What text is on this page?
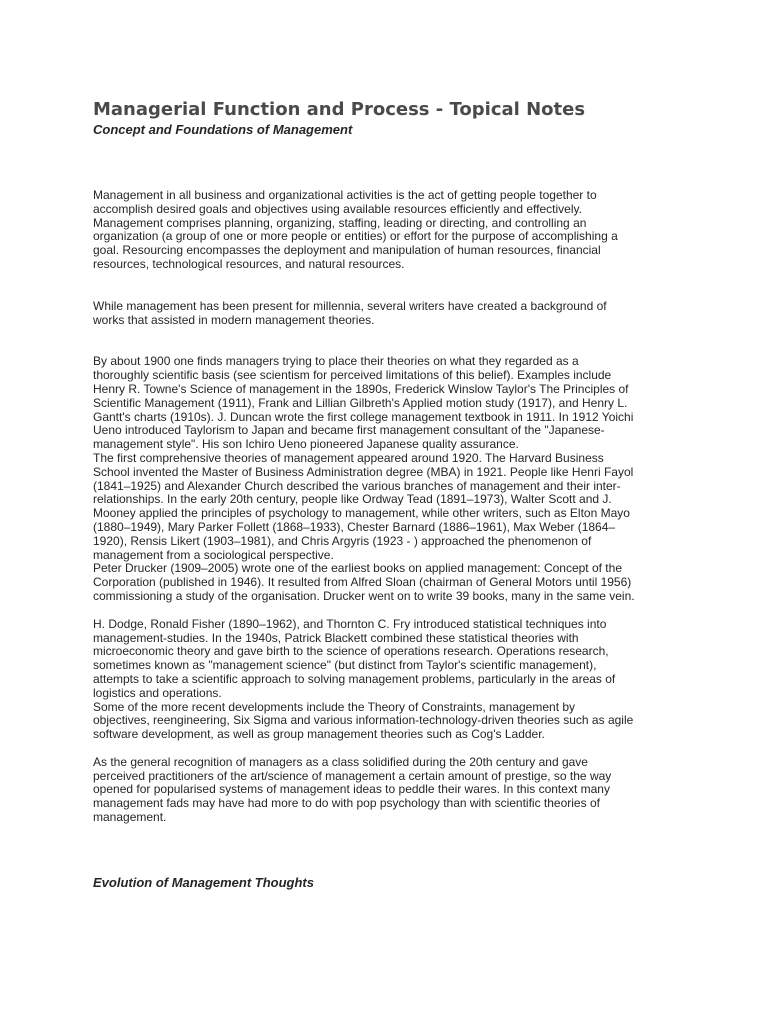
Managerial Function and Process - Topical Notes
Concept and Foundations of Management
Management in all business and organizational activities is the act of getting people together to
accomplish desired goals and objectives using available resources efficiently and effectively.
Management comprises planning, organizing, staffing, leading or directing, and controlling an
organization (a group of one or more people or entities) or effort for the purpose of accomplishing a
goal. Resourcing encompasses the deployment and manipulation of human resources, financial
resources, technological resources, and natural resources.
While management has been present for millennia, several writers have created a background of
works that assisted in modern management theories.
By about 1900 one finds managers trying to place their theories on what they regarded as a
thoroughly scientific basis (see scientism for perceived limitations of this belief). Examples include
Henry R. Towne's Science of management in the 1890s, Frederick Winslow Taylor's The Principles of
Scientific Management (1911), Frank and Lillian Gilbreth's Applied motion study (1917), and Henry L.
Gantt's charts (1910s). J. Duncan wrote the first college management textbook in 1911. In 1912 Yoichi
Ueno introduced Taylorism to Japan and became first management consultant of the "Japanese-
management style". His son Ichiro Ueno pioneered Japanese quality assurance.
The first comprehensive theories of management appeared around 1920. The Harvard Business
School invented the Master of Business Administration degree (MBA) in 1921. People like Henri Fayol
(1841–1925) and Alexander Church described the various branches of management and their inter-
relationships. In the early 20th century, people like Ordway Tead (1891–1973), Walter Scott and J.
Mooney applied the principles of psychology to management, while other writers, such as Elton Mayo
(1880–1949), Mary Parker Follett (1868–1933), Chester Barnard (1886–1961), Max Weber (1864–
1920), Rensis Likert (1903–1981), and Chris Argyris (1923 - ) approached the phenomenon of
management from a sociological perspective.
Peter Drucker (1909–2005) wrote one of the earliest books on applied management: Concept of the
Corporation (published in 1946). It resulted from Alfred Sloan (chairman of General Motors until 1956)
commissioning a study of the organisation. Drucker went on to write 39 books, many in the same vein.
H. Dodge, Ronald Fisher (1890–1962), and Thornton C. Fry introduced statistical techniques into
management-studies. In the 1940s, Patrick Blackett combined these statistical theories with
microeconomic theory and gave birth to the science of operations research. Operations research,
sometimes known as "management science" (but distinct from Taylor's scientific management),
attempts to take a scientific approach to solving management problems, particularly in the areas of
logistics and operations.
Some of the more recent developments include the Theory of Constraints, management by
objectives, reengineering, Six Sigma and various information-technology-driven theories such as agile
software development, as well as group management theories such as Cog's Ladder.
As the general recognition of managers as a class solidified during the 20th century and gave
perceived practitioners of the art/science of management a certain amount of prestige, so the way
opened for popularised systems of management ideas to peddle their wares. In this context many
management fads may have had more to do with pop psychology than with scientific theories of
management.
Evolution of Management Thoughts
